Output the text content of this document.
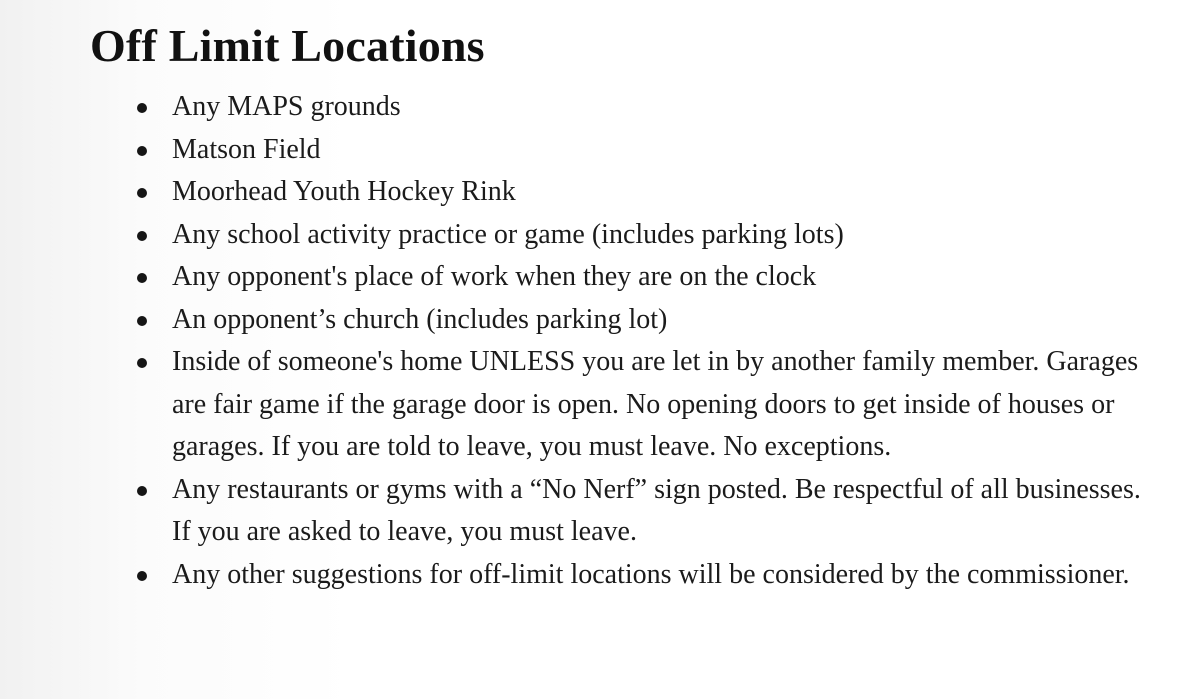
Off Limit Locations
Any MAPS grounds
Matson Field
Moorhead Youth Hockey Rink
Any school activity practice or game (includes parking lots)
Any opponent's place of work when they are on the clock
An opponent’s church (includes parking lot)
Inside of someone's home UNLESS you are let in by another family member. Garages are fair game if the garage door is open. No opening doors to get inside of houses or garages. If you are told to leave, you must leave. No exceptions.
Any restaurants or gyms with a “No Nerf” sign posted. Be respectful of all businesses. If you are asked to leave, you must leave.
Any other suggestions for off-limit locations will be considered by the commissioner.
